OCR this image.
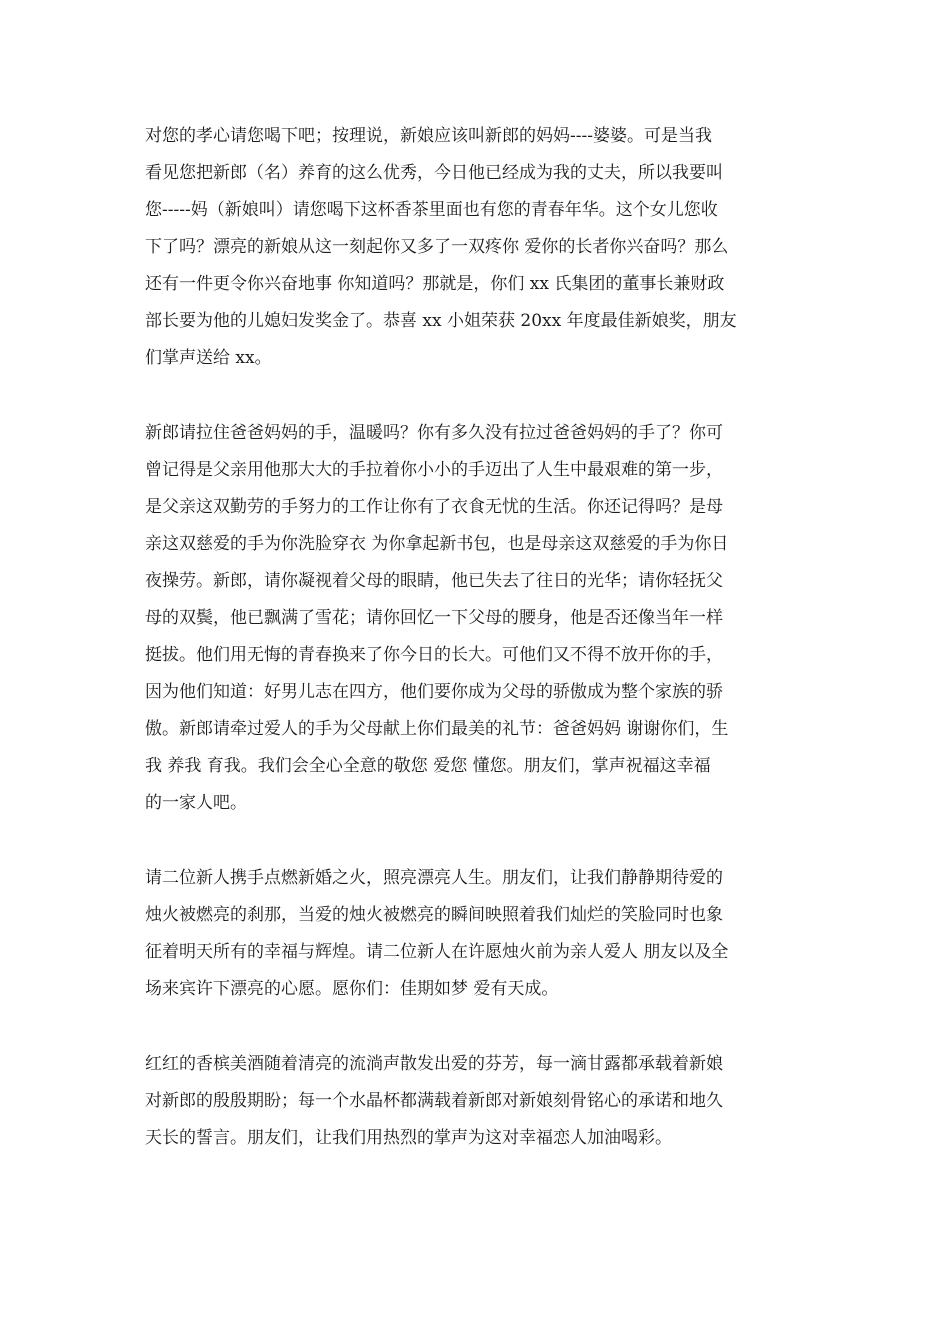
对您的孝心请您喝下吧；按理说，新娘应该叫新郎的妈妈----婆婆。可是当我
看见您把新郎（名）养育的这么优秀，今日他已经成为我的丈夫，所以我要叫
您-----妈（新娘叫）请您喝下这杯香茶里面也有您的青春年华。这个女儿您收
下了吗？漂亮的新娘从这一刻起你又多了一双疼你 爱你的长者你兴奋吗？那么
还有一件更令你兴奋地事 你知道吗？那就是，你们 xx 氏集团的董事长兼财政
部长要为他的儿媳妇发奖金了。恭喜 xx 小姐荣获 20xx 年度最佳新娘奖，朋友
们掌声送给 xx。
新郎请拉住爸爸妈妈的手，温暖吗？你有多久没有拉过爸爸妈妈的手了？你可
曾记得是父亲用他那大大的手拉着你小小的手迈出了人生中最艰难的第一步，
是父亲这双勤劳的手努力的工作让你有了衣食无忧的生活。你还记得吗？是母
亲这双慈爱的手为你洗脸穿衣 为你拿起新书包，也是母亲这双慈爱的手为你日
夜操劳。新郎，请你凝视着父母的眼睛，他已失去了往日的光华；请你轻抚父
母的双鬓，他已飘满了雪花；请你回忆一下父母的腰身，他是否还像当年一样
挺拔。他们用无悔的青春换来了你今日的长大。可他们又不得不放开你的手，
因为他们知道：好男儿志在四方，他们要你成为父母的骄傲成为整个家族的骄
傲。新郎请牵过爱人的手为父母献上你们最美的礼节：爸爸妈妈 谢谢你们，生
我 养我 育我。我们会全心全意的敬您 爱您 懂您。朋友们，掌声祝福这幸福
的一家人吧。
请二位新人携手点燃新婚之火，照亮漂亮人生。朋友们，让我们静静期待爱的
烛火被燃亮的刹那，当爱的烛火被燃亮的瞬间映照着我们灿烂的笑脸同时也象
征着明天所有的幸福与辉煌。请二位新人在许愿烛火前为亲人爱人 朋友以及全
场来宾许下漂亮的心愿。愿你们：佳期如梦 爱有天成。
红红的香槟美酒随着清亮的流淌声散发出爱的芬芳，每一滴甘露都承载着新娘
对新郎的殷殷期盼；每一个水晶杯都满载着新郎对新娘刻骨铭心的承诺和地久
天长的誓言。朋友们，让我们用热烈的掌声为这对幸福恋人加油喝彩。
